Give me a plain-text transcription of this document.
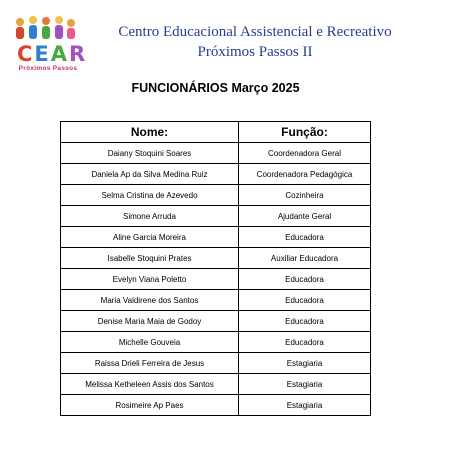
CEAR
Próximos Passos
Centro Educacional Assistencial e Recreativo
Próximos Passos II
FUNCIONÁRIOS Março 2025
Nome:	Função:
Daiany Stoquini Soares	Coordenadora Geral
Daniela Ap da Silva Medina Ruiz	Coordenadora Pedagógica
Selma Cristina de Azevedo	Cozinheira
Simone Arruda	Ajudante Geral
Aline Garcia Moreira	Educadora
Isabelle Stoquini Prates	Auxiliar Educadora
Evelyn Viana Poletto	Educadora
Maria Valdirene dos Santos	Educadora
Denise Maria Maia de Godoy	Educadora
Michelle Gouveia	Educadora
Raissa Drieli Ferreira de Jesus	Estagiaria
Melissa Ketheleen Assis dos Santos	Estagiaria
Rosimeire Ap Paes	Estagiaria
